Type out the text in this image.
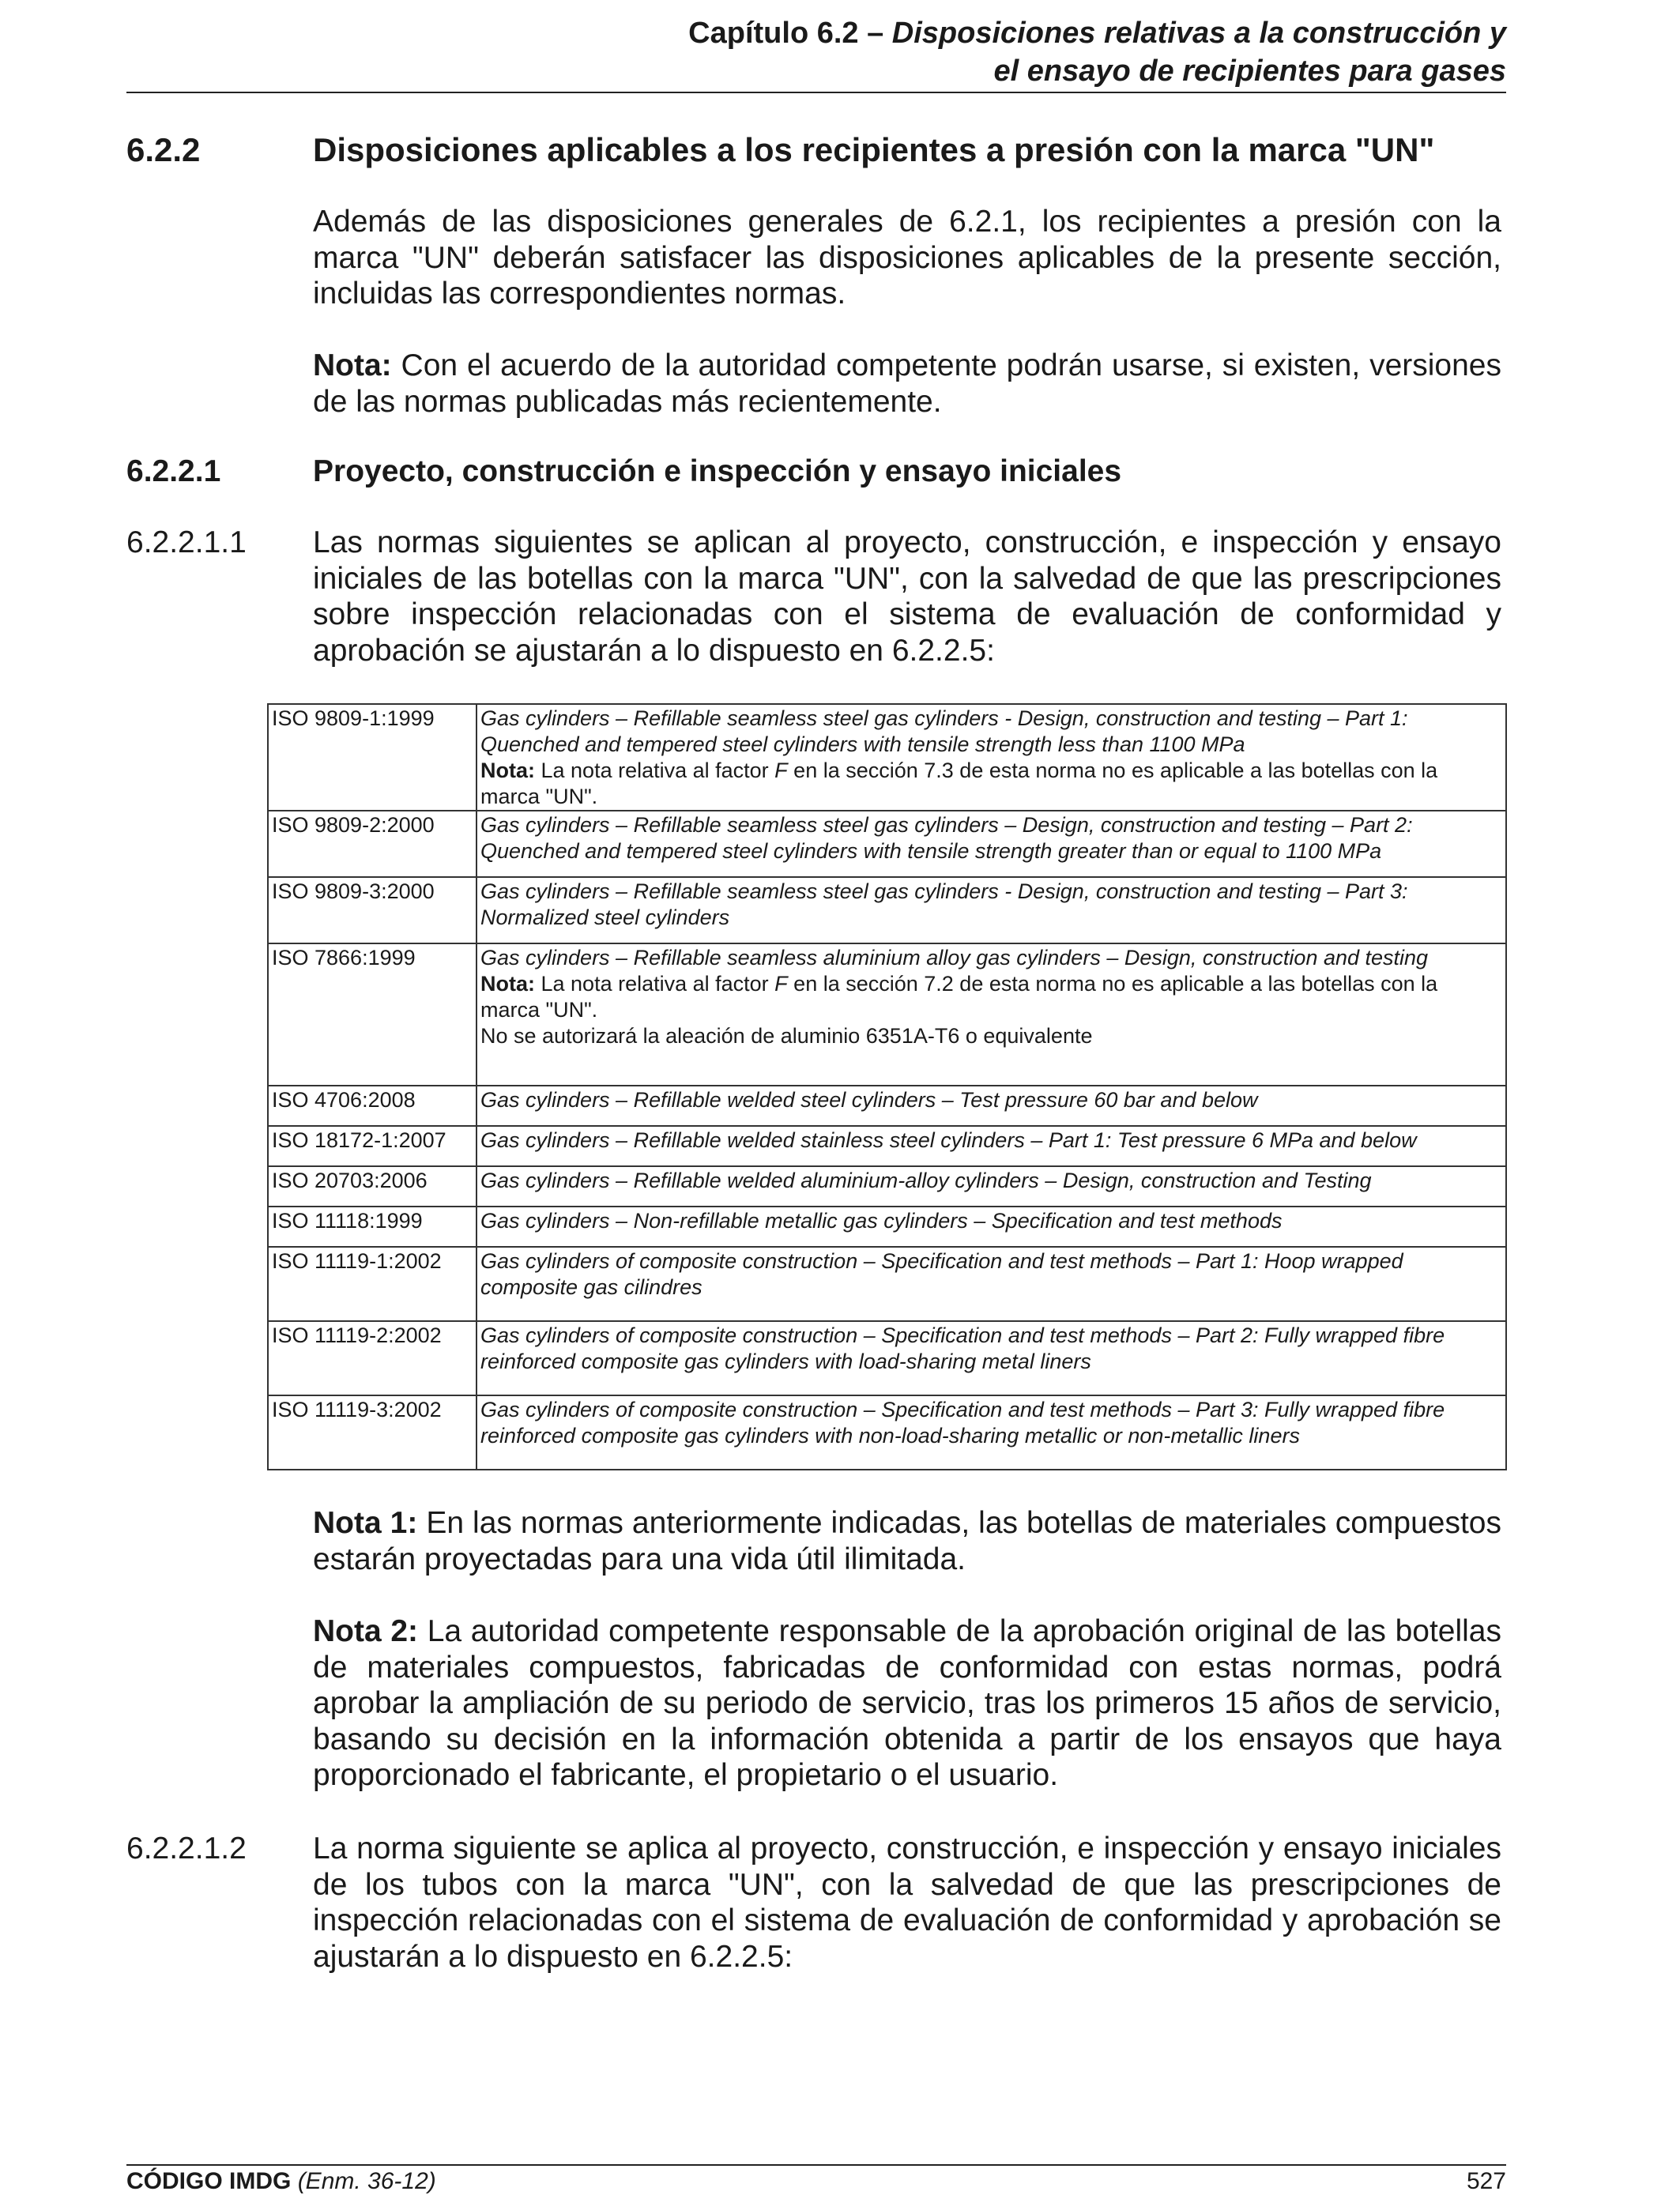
Capítulo 6.2 – Disposiciones relativas a la construcción y
el ensayo de recipientes para gases
6.2.2	Disposiciones aplicables a los recipientes a presión con la marca "UN"
Además de las disposiciones generales de 6.2.1, los recipientes a presión con la marca "UN" deberán satisfacer las disposiciones aplicables de la presente sección, incluidas las correspondientes normas.
Nota: Con el acuerdo de la autoridad competente podrán usarse, si existen, versiones de las normas publicadas más recientemente.
6.2.2.1	Proyecto, construcción e inspección y ensayo iniciales
6.2.2.1.1 Las normas siguientes se aplican al proyecto, construcción, e inspección y ensayo iniciales de las botellas con la marca "UN", con la salvedad de que las prescripciones sobre inspección relacionadas con el sistema de evaluación de conformidad y aprobación se ajustarán a lo dispuesto en 6.2.2.5:
ISO 9809-1:1999	Gas cylinders – Refillable seamless steel gas cylinders - Design, construction and testing – Part 1: Quenched and tempered steel cylinders with tensile strength less than 1100 MPa
Nota: La nota relativa al factor F en la sección 7.3 de esta norma no es aplicable a las botellas con la marca "UN".

ISO 9809-2:2000	Gas cylinders – Refillable seamless steel gas cylinders – Design, construction and testing – Part 2: Quenched and tempered steel cylinders with tensile strength greater than or equal to 1100 MPa

ISO 9809-3:2000	Gas cylinders – Refillable seamless steel gas cylinders - Design, construction and testing – Part 3: Normalized steel cylinders

ISO 7866:1999	Gas cylinders – Refillable seamless aluminium alloy gas cylinders – Design, construction and testing
Nota: La nota relativa al factor F en la sección 7.2 de esta norma no es aplicable a las botellas con la marca "UN".
No se autorizará la aleación de aluminio 6351A-T6 o equivalente

ISO 4706:2008	Gas cylinders – Refillable welded steel cylinders – Test pressure 60 bar and below

ISO 18172-1:2007	Gas cylinders – Refillable welded stainless steel cylinders – Part 1: Test pressure 6 MPa and below

ISO 20703:2006	Gas cylinders – Refillable welded aluminium-alloy cylinders – Design, construction and Testing

ISO 11118:1999	Gas cylinders – Non-refillable metallic gas cylinders – Specification and test methods

ISO 11119-1:2002	Gas cylinders of composite construction – Specification and test methods – Part 1: Hoop wrapped composite gas cilindres

ISO 11119-2:2002	Gas cylinders of composite construction – Specification and test methods – Part 2: Fully wrapped fibre reinforced composite gas cylinders with load-sharing metal liners

ISO 11119-3:2002	Gas cylinders of composite construction – Specification and test methods – Part 3: Fully wrapped fibre reinforced composite gas cylinders with non-load-sharing metallic or non-metallic liners
Nota 1: En las normas anteriormente indicadas, las botellas de materiales compuestos estarán proyectadas para una vida útil ilimitada.
Nota 2: La autoridad competente responsable de la aprobación original de las botellas de materiales compuestos, fabricadas de conformidad con estas normas, podrá aprobar la ampliación de su periodo de servicio, tras los primeros 15 años de servicio, basando su decisión en la información obtenida a partir de los ensayos que haya proporcionado el fabricante, el propietario o el usuario.
6.2.2.1.2 La norma siguiente se aplica al proyecto, construcción, e inspección y ensayo iniciales de los tubos con la marca "UN", con la salvedad de que las prescripciones de inspección relacionadas con el sistema de evaluación de conformidad y aprobación se ajustarán a lo dispuesto en 6.2.2.5:
CÓDIGO IMDG (Enm. 36-12)	527
